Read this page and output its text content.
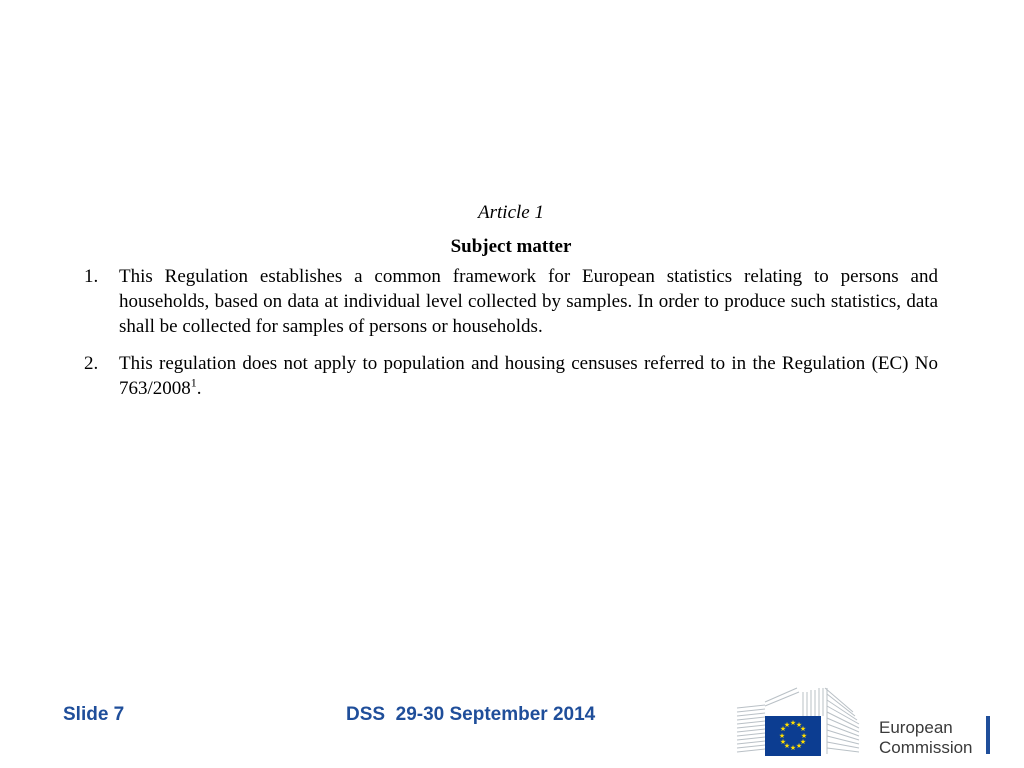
Article 1

Subject matter

1. This Regulation establishes a common framework for European statistics relating to persons and households, based on data at individual level collected by samples. In order to produce such statistics, data shall be collected for samples of persons or households.
2. This regulation does not apply to population and housing censuses referred to in the Regulation (EC) No 763/2008$^1$.
Slide 7	DSS  29-30 September 2014	★ ★
★
★
★
★
★
★
★
★
★
★	European
Commission
